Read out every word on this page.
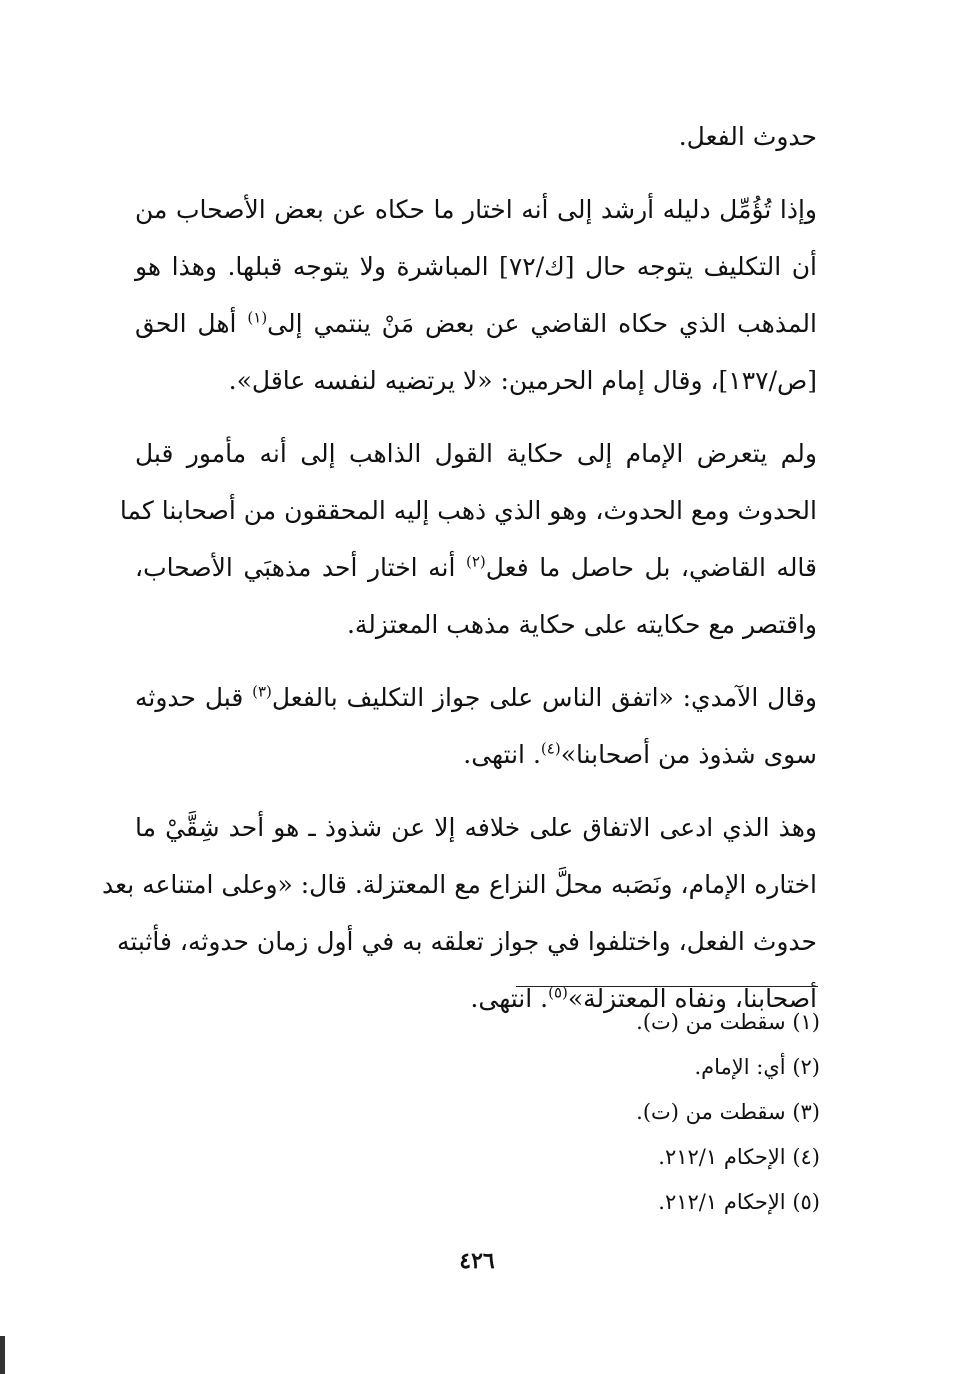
حدوث الفعل.
وإذا تُؤُمِّل دليله أرشد إلى أنه اختار ما حكاه عن بعض الأصحاب من
أن التكليف يتوجه حال [ك/٧٢] المباشرة ولا يتوجه قبلها. وهذا هو
المذهب الذي حكاه القاضي عن بعض مَنْ ينتمي إلى$^{(١)}$ أهل الحق
[ص/١٣٧]، وقال إمام الحرمين: «لا يرتضيه لنفسه عاقل».
ولم يتعرض الإمام إلى حكاية القول الذاهب إلى أنه مأمور قبل
الحدوث ومع الحدوث، وهو الذي ذهب إليه المحققون من أصحابنا كما
قاله القاضي، بل حاصل ما فعل$^{(٢)}$ أنه اختار أحد مذهبَي الأصحاب،
واقتصر مع حكايته على حكاية مذهب المعتزلة.
وقال الآمدي: «اتفق الناس على جواز التكليف بالفعل$^{(٣)}$ قبل حدوثه
سوى شذوذ من أصحابنا»$^{(٤)}$. انتهى.
وهذ الذي ادعى الاتفاق على خلافه إلا عن شذوذ ـ هو أحد شِقَّيْ ما
اختاره الإمام، ونَصَبه محلَّ النزاع مع المعتزلة. قال: «وعلى امتناعه بعد
حدوث الفعل، واختلفوا في جواز تعلقه به في أول زمان حدوثه، فأثبته
أصحابنا، ونفاه المعتزلة»$^{(٥)}$. انتهى.
(١) سقطت من (ت).
(٢) أي: الإمام.
(٣) سقطت من (ت).
(٤) الإحكام ٢١٢/١.
(٥) الإحكام ٢١٢/١.
٤٢٦
